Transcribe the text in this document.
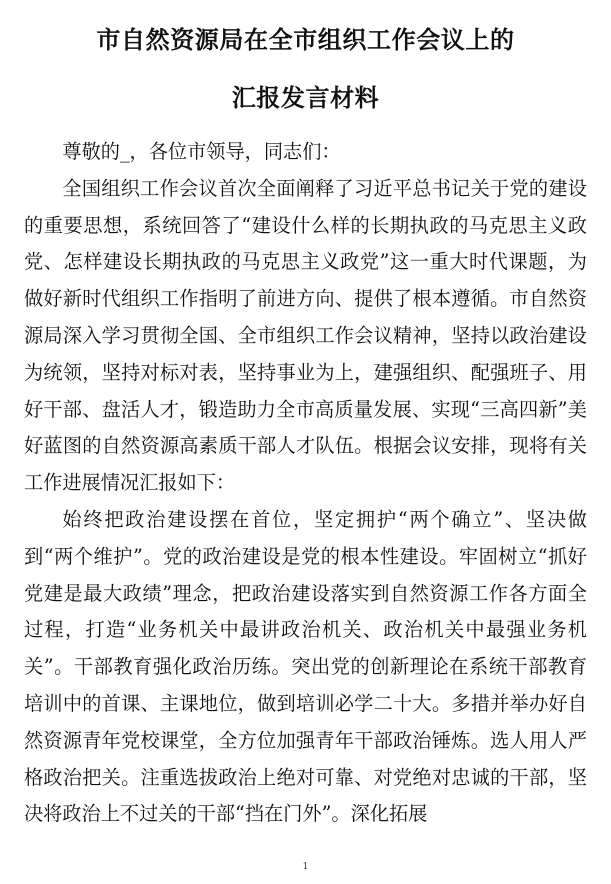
市自然资源局在全市组织工作会议上的
汇报发言材料

尊敬的_，各位市领导，同志们：

全国组织工作会议首次全面阐释了习近平总书记关于党的建设的重要思想，系统回答了“建设什么样的长期执政的马克思主义政党、怎样建设长期执政的马克思主义政党”这一重大时代课题，为做好新时代组织工作指明了前进方向、提供了根本遵循。市自然资源局深入学习贯彻全国、全市组织工作会议精神，坚持以政治建设为统领，坚持对标对表，坚持事业为上，建强组织、配强班子、用好干部、盘活人才，锻造助力全市高质量发展、实现“三高四新”美好蓝图的自然资源高素质干部人才队伍。根据会议安排，现将有关工作进展情况汇报如下：

始终把政治建设摆在首位，坚定拥护“两个确立”、坚决做到“两个维护”。党的政治建设是党的根本性建设。牢固树立“抓好党建是最大政绩”理念，把政治建设落实到自然资源工作各方面全过程，打造“业务机关中最讲政治机关、政治机关中最强业务机关”。干部教育强化政治历练。突出党的创新理论在系统干部教育培训中的首课、主课地位，做到培训必学二十大。多措并举办好自然资源青年党校课堂，全方位加强青年干部政治锤炼。选人用人严格政治把关。注重选拔政治上绝对可靠、对党绝对忠诚的干部，坚决将政治上不过关的干部“挡在门外”。深化拓展

1
